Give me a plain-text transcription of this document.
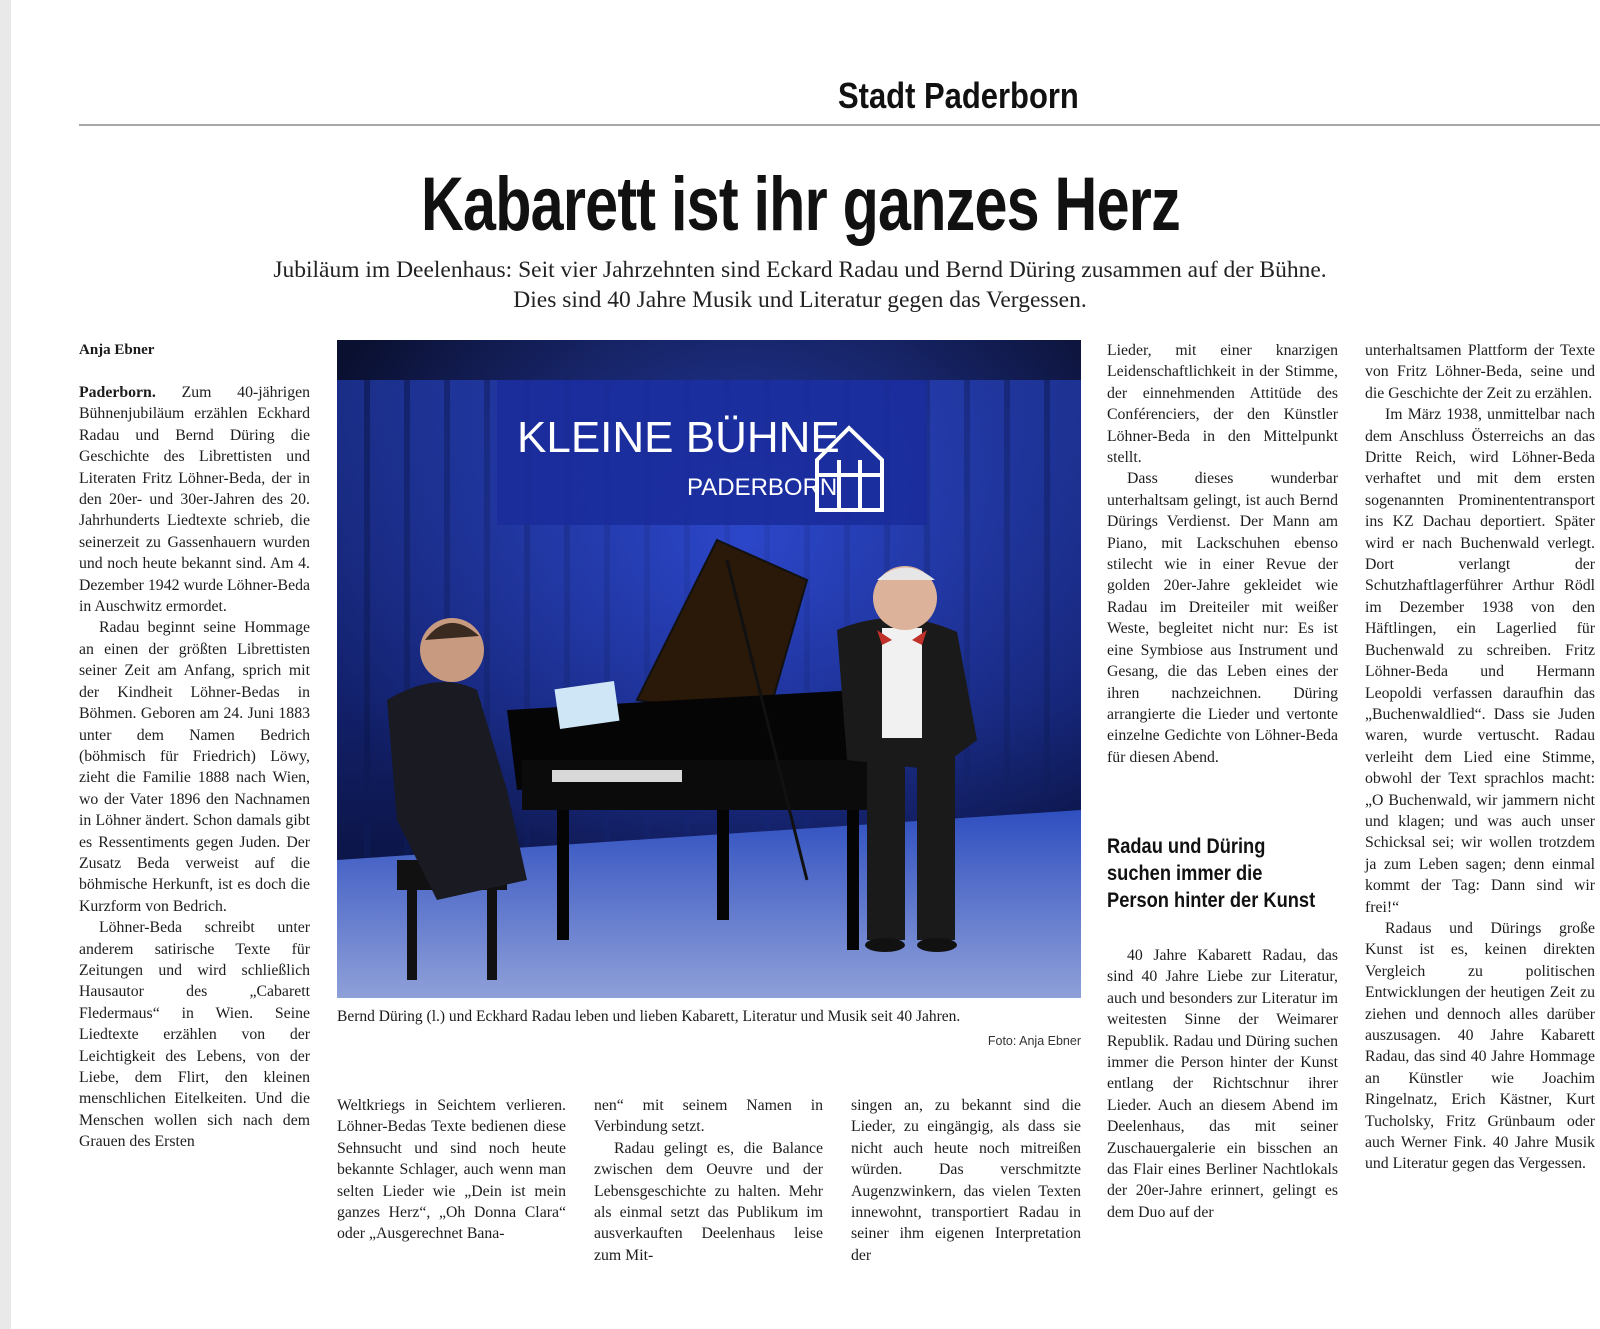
Stadt Paderborn
Kabarett ist ihr ganzes Herz
Jubiläum im Deelenhaus: Seit vier Jahrzehnten sind Eckard Radau und Bernd Düring zusammen auf der Bühne.
Dies sind 40 Jahre Musik und Literatur gegen das Vergessen.
Anja Ebner

Paderborn. Zum 40-jährigen Bühnenjubiläum erzählen Eckhard Radau und Bernd Düring die Geschichte des Librettisten und Literaten Fritz Löhner-Beda, der in den 20er- und 30er-Jahren des 20. Jahrhunderts Liedtexte schrieb, die seinerzeit zu Gassenhauern wurden und noch heute bekannt sind. Am 4. Dezember 1942 wurde Löhner-Beda in Auschwitz ermordet.

Radau beginnt seine Hommage an einen der größten Librettisten seiner Zeit am Anfang, sprich mit der Kindheit Löhner-Bedas in Böhmen. Geboren am 24. Juni 1883 unter dem Namen Bedrich (böhmisch für Friedrich) Löwy, zieht die Familie 1888 nach Wien, wo der Vater 1896 den Nachnamen in Löhner ändert. Schon damals gibt es Ressentiments gegen Juden. Der Zusatz Beda verweist auf die böhmische Herkunft, ist es doch die Kurzform von Bedrich.

Löhner-Beda schreibt unter anderem satirische Texte für Zeitungen und wird schließlich Hausautor des „Cabarett Fledermaus“ in Wien. Seine Liedtexte erzählen von der Leichtigkeit des Lebens, von der Liebe, dem Flirt, den kleinen menschlichen Eitelkeiten. Und die Menschen wollen sich nach dem Grauen des Ersten

KLEINE BÜHNE
PADERBORN
Bernd Düring (l.) und Eckhard Radau leben und lieben Kabarett, Literatur und Musik seit 40 Jahren.
Foto: Anja Ebner

Weltkriegs in Seichtem verlieren. Löhner-Bedas Texte bedienen diese Sehnsucht und sind noch heute bekannte Schlager, auch wenn man selten Lieder wie „Dein ist mein ganzes Herz“, „Oh Donna Clara“ oder „Ausgerechnet Bana-

nen“ mit seinem Namen in Verbindung setzt.

Radau gelingt es, die Balance zwischen dem Oeuvre und der Lebensgeschichte zu halten. Mehr als einmal setzt das Publikum im ausverkauften Deelenhaus leise zum Mit-

singen an, zu bekannt sind die Lieder, zu eingängig, als dass sie nicht auch heute noch mitreißen würden. Das verschmitzte Augenzwinkern, das vielen Texten innewohnt, transportiert Radau in seiner ihm eigenen Interpretation der

Lieder, mit einer knarzigen Leidenschaftlichkeit in der Stimme, der einnehmenden Attitüde des Conférenciers, der den Künstler Löhner-Beda in den Mittelpunkt stellt.

Dass dieses wunderbar unterhaltsam gelingt, ist auch Bernd Dürings Verdienst. Der Mann am Piano, mit Lackschuhen ebenso stilecht wie in einer Revue der golden 20er-Jahre gekleidet wie Radau im Dreiteiler mit weißer Weste, begleitet nicht nur: Es ist eine Symbiose aus Instrument und Gesang, die das Leben eines der ihren nachzeichnen. Düring arrangierte die Lieder und vertonte einzelne Gedichte von Löhner-Beda für diesen Abend.

Radau und Düring
suchen immer die
Person hinter der Kunst

40 Jahre Kabarett Radau, das sind 40 Jahre Liebe zur Literatur, auch und besonders zur Literatur im weitesten Sinne der Weimarer Republik. Radau und Düring suchen immer die Person hinter der Kunst entlang der Richtschnur ihrer Lieder. Auch an diesem Abend im Deelenhaus, das mit seiner Zuschauergalerie ein bisschen an das Flair eines Berliner Nachtlokals der 20er-Jahre erinnert, gelingt es dem Duo auf der

unterhaltsamen Plattform der Texte von Fritz Löhner-Beda, seine und die Geschichte der Zeit zu erzählen.

Im März 1938, unmittelbar nach dem Anschluss Österreichs an das Dritte Reich, wird Löhner-Beda verhaftet und mit dem ersten sogenannten Prominententransport ins KZ Dachau deportiert. Später wird er nach Buchenwald verlegt. Dort verlangt der Schutzhaftlagerführer Arthur Rödl im Dezember 1938 von den Häftlingen, ein Lagerlied für Buchenwald zu schreiben. Fritz Löhner-Beda und Hermann Leopoldi verfassen daraufhin das „Buchenwaldlied“. Dass sie Juden waren, wurde vertuscht. Radau verleiht dem Lied eine Stimme, obwohl der Text sprachlos macht: „O Buchenwald, wir jammern nicht und klagen; und was auch unser Schicksal sei; wir wollen trotzdem ja zum Leben sagen; denn einmal kommt der Tag: Dann sind wir frei!“

Radaus und Dürings große Kunst ist es, keinen direkten Vergleich zu politischen Entwicklungen der heutigen Zeit zu ziehen und dennoch alles darüber auszusagen. 40 Jahre Kabarett Radau, das sind 40 Jahre Hommage an Künstler wie Joachim Ringelnatz, Erich Kästner, Kurt Tucholsky, Fritz Grünbaum oder auch Werner Fink. 40 Jahre Musik und Literatur gegen das Vergessen.
